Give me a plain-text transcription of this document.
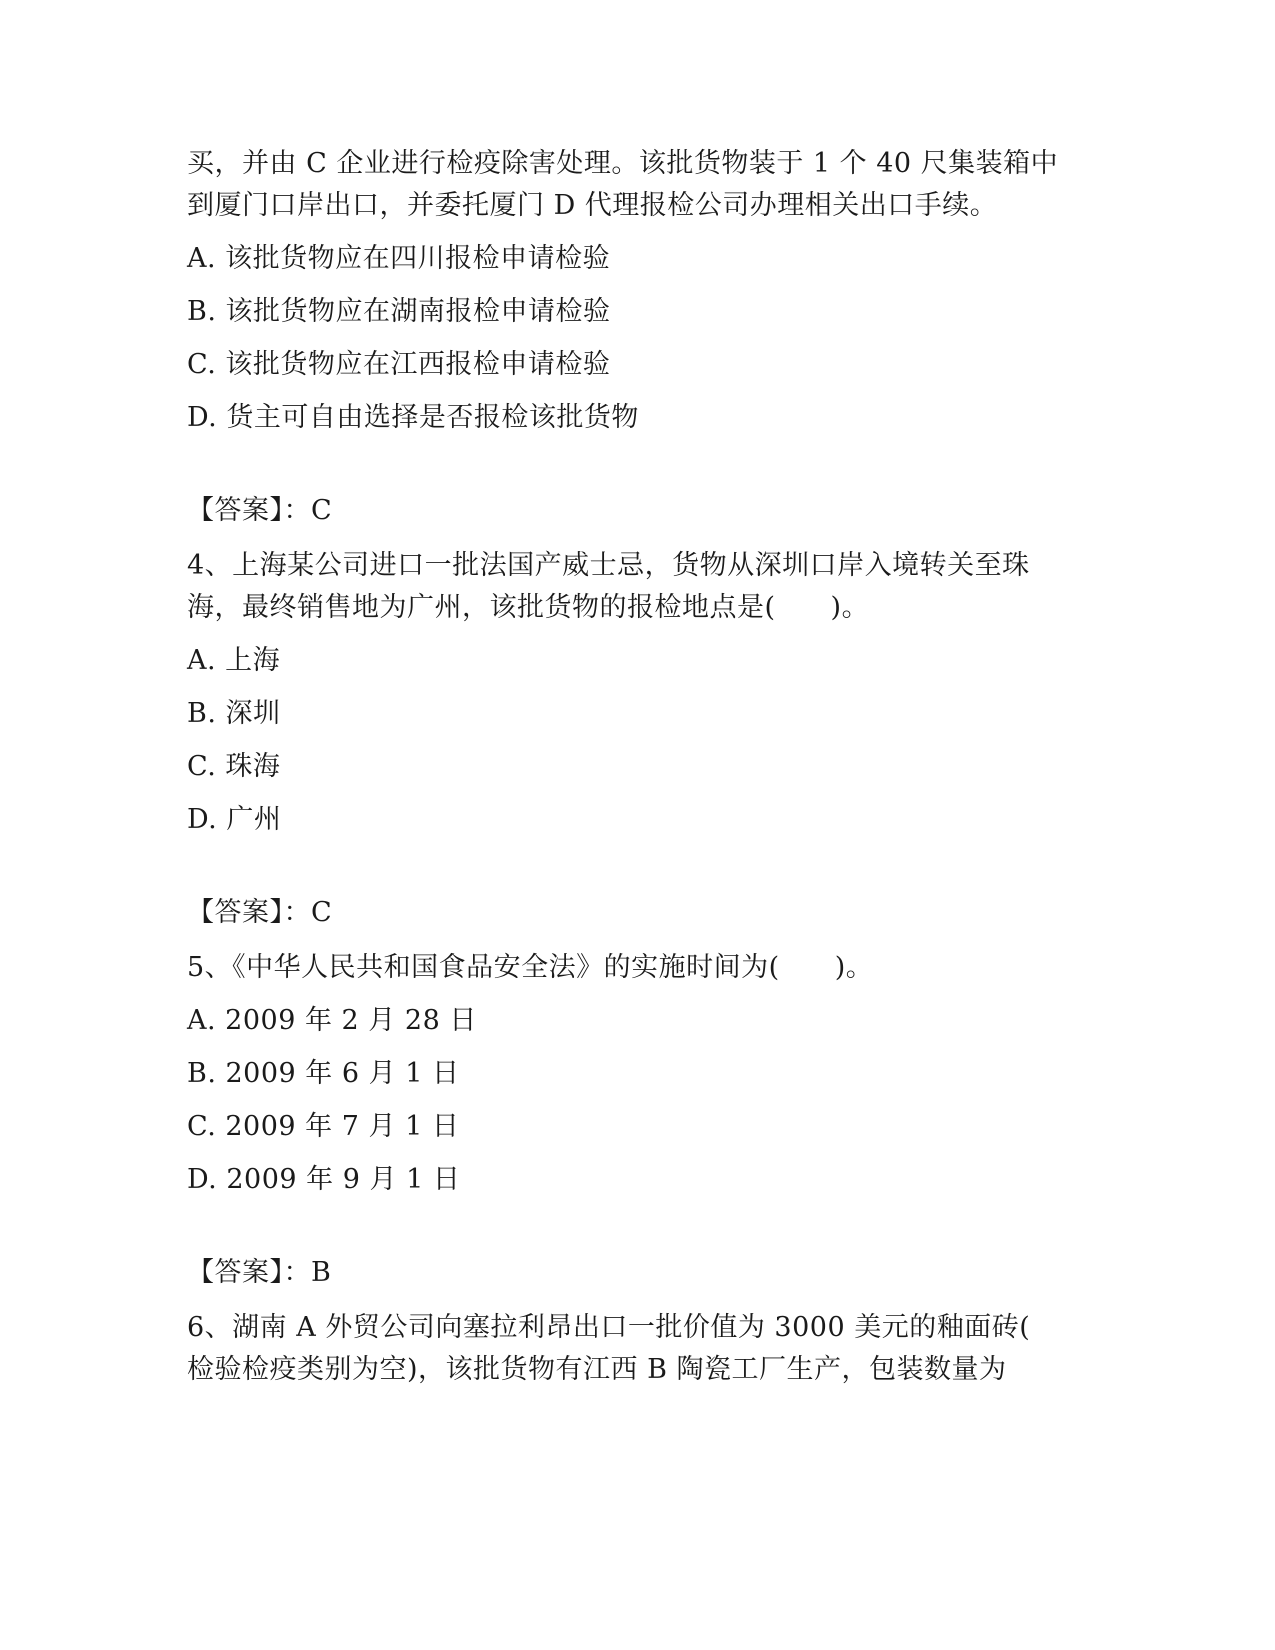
买，并由 C 企业进行检疫除害处理。该批货物装于 1 个 40 尺集装箱中
到厦门口岸出口，并委托厦门 D 代理报检公司办理相关出口手续。
A. 该批货物应在四川报检申请检验
B. 该批货物应在湖南报检申请检验
C. 该批货物应在江西报检申请检验
D. 货主可自由选择是否报检该批货物
【答案】：C
4、上海某公司进口一批法国产威士忌，货物从深圳口岸入境转关至珠
海，最终销售地为广州，该批货物的报检地点是(　　)。
A. 上海
B. 深圳
C. 珠海
D. 广州
【答案】：C
5、《中华人民共和国食品安全法》的实施时间为(　　)。
A. 2009 年 2 月 28 日
B. 2009 年 6 月 1 日
C. 2009 年 7 月 1 日
D. 2009 年 9 月 1 日
【答案】：B
6、湖南 A 外贸公司向塞拉利昂出口一批价值为 3000 美元的釉面砖(
检验检疫类别为空)，该批货物有江西 B 陶瓷工厂生产，包装数量为
